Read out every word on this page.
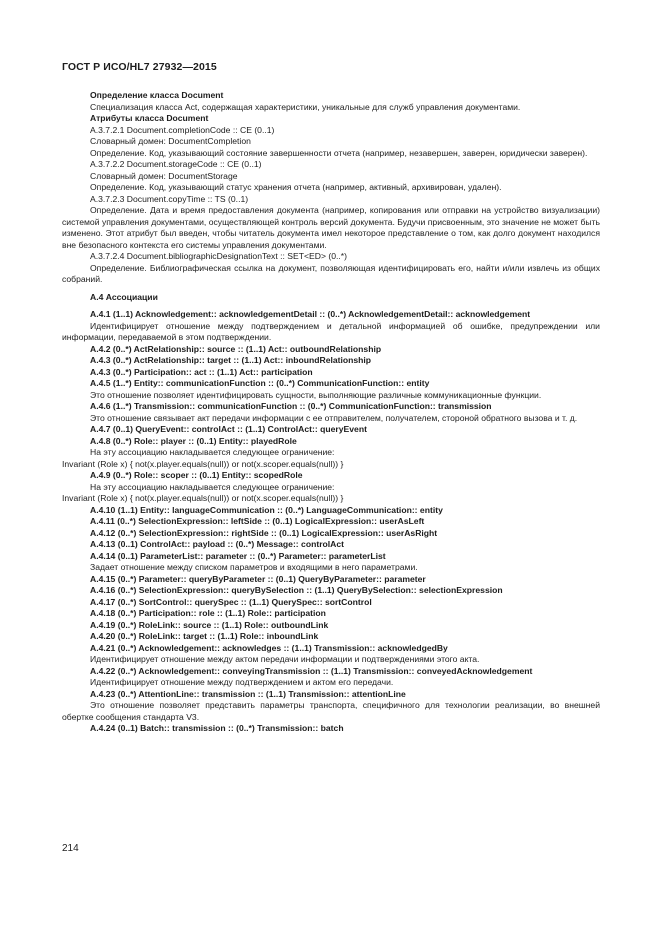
ГОСТ Р ИСО/HL7 27932—2015

Определение класса Document

Специализация класса Act, содержащая характеристики, уникальные для служб управления документами.

Атрибуты класса Document

A.3.7.2.1 Document.completionCode :: CE (0..1)

Словарный домен: DocumentCompletion

Определение. Код, указывающий состояние завершенности отчета (например, незавершен, заверен, юридически заверен).

A.3.7.2.2 Document.storageCode :: CE (0..1)

Словарный домен: DocumentStorage

Определение. Код, указывающий статус хранения отчета (например, активный, архивирован, удален).

A.3.7.2.3 Document.copyTime :: TS (0..1)

Определение. Дата и время предоставления документа (например, копирования или отправки на устройство визуализации) системой управления документами, осуществляющей контроль версий документа. Будучи присвоенным, это значение не может быть изменено. Этот атрибут был введен, чтобы читатель документа имел некоторое представление о том, как долго документ находился вне безопасного контекста его системы управления документами.

A.3.7.2.4 Document.bibliographicDesignationText :: SET<ED> (0..*)

Определение. Библиографическая ссылка на документ, позволяющая идентифицировать его, найти и/или извлечь из общих собраний.

A.4 Ассоциации

A.4.1 (1..1) Acknowledgement:: acknowledgementDetail :: (0..*) AcknowledgementDetail:: acknowledgement

Идентифицирует отношение между подтверждением и детальной информацией об ошибке, предупреждении или информации, передаваемой в этом подтверждении.

A.4.2 (0..*) ActRelationship:: source :: (1..1) Act:: outboundRelationship

A.4.3 (0..*) ActRelationship:: target :: (1..1) Act:: inboundRelationship

A.4.3 (0..*) Participation:: act :: (1..1) Act:: participation

A.4.5 (1..*) Entity:: communicationFunction :: (0..*) CommunicationFunction:: entity

Это отношение позволяет идентифицировать сущности, выполняющие различные коммуникационные функции.

A.4.6 (1..*) Transmission:: communicationFunction :: (0..*) CommunicationFunction:: transmission

Это отношение связывает акт передачи информации с ее отправителем, получателем, стороной обратного вызова и т. д.

A.4.7 (0..1) QueryEvent:: controlAct :: (1..1) ControlAct:: queryEvent

A.4.8 (0..*) Role:: player :: (0..1) Entity:: playedRole

На эту ассоциацию накладывается следующее ограничение:

Invariant (Role x) { not(x.player.equals(null)) or not(x.scoper.equals(null)) }

A.4.9 (0..*) Role:: scoper :: (0..1) Entity:: scopedRole

На эту ассоциацию накладывается следующее ограничение:

Invariant (Role x) { not(x.player.equals(null)) or not(x.scoper.equals(null)) }

A.4.10 (1..1) Entity:: languageCommunication :: (0..*) LanguageCommunication:: entity

A.4.11 (0..*) SelectionExpression:: leftSide :: (0..1) LogicalExpression:: userAsLeft

A.4.12 (0..*) SelectionExpression:: rightSide :: (0..1) LogicalExpression:: userAsRight

A.4.13 (0..1) ControlAct:: payload :: (0..*) Message:: controlAct

A.4.14 (0..1) ParameterList:: parameter :: (0..*) Parameter:: parameterList

Задает отношение между списком параметров и входящими в него параметрами.

A.4.15 (0..*) Parameter:: queryByParameter :: (0..1) QueryByParameter:: parameter

A.4.16 (0..*) SelectionExpression:: queryBySelection :: (1..1) QueryBySelection:: selectionExpression

A.4.17 (0..*) SortControl:: querySpec :: (1..1) QuerySpec:: sortControl

A.4.18 (0..*) Participation:: role :: (1..1) Role:: participation

A.4.19 (0..*) RoleLink:: source :: (1..1) Role:: outboundLink

A.4.20 (0..*) RoleLink:: target :: (1..1) Role:: inboundLink

A.4.21 (0..*) Acknowledgement:: acknowledges :: (1..1) Transmission:: acknowledgedBy

Идентифицирует отношение между актом передачи информации и подтверждениями этого акта.

A.4.22 (0..*) Acknowledgement:: conveyingTransmission :: (1..1) Transmission:: conveyedAcknowledgement

Идентифицирует отношение между подтверждением и актом его передачи.

A.4.23 (0..*) AttentionLine:: transmission :: (1..1) Transmission:: attentionLine

Это отношение позволяет представить параметры транспорта, специфичного для технологии реализации, во внешней обертке сообщения стандарта V3.

A.4.24 (0..1) Batch:: transmission :: (0..*) Transmission:: batch

214
